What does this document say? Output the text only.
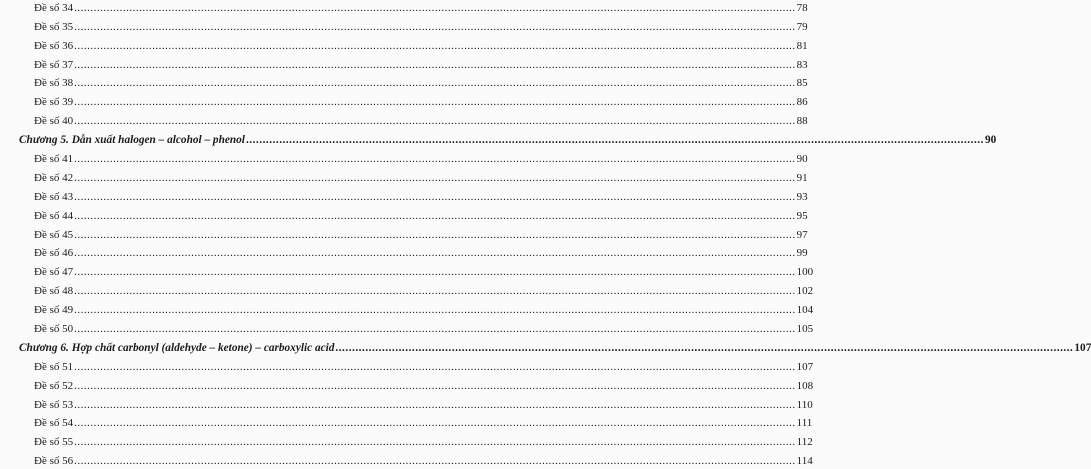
Đề số 34 .....	78
Đề số 35 .....	79
Đề số 36 .....	81
Đề số 37 .....	83
Đề số 38 .....	85
Đề số 39 .....	86
Đề số 40 .....	88
Chương 5. Dẫn xuất halogen – alcohol – phenol .....	90
Đề số 41 .....	90
Đề số 42 .....	91
Đề số 43 .....	93
Đề số 44 .....	95
Đề số 45 .....	97
Đề số 46 .....	99
Đề số 47 .....	100
Đề số 48 .....	102
Đề số 49 .....	104
Đề số 50 .....	105
Chương 6. Hợp chất carbonyl (aldehyde – ketone) – carboxylic acid .....	107
Đề số 51 .....	107
Đề số 52 .....	108
Đề số 53 .....	110
Đề số 54 .....	111
Đề số 55 .....	112
Đề số 56 .....	114
